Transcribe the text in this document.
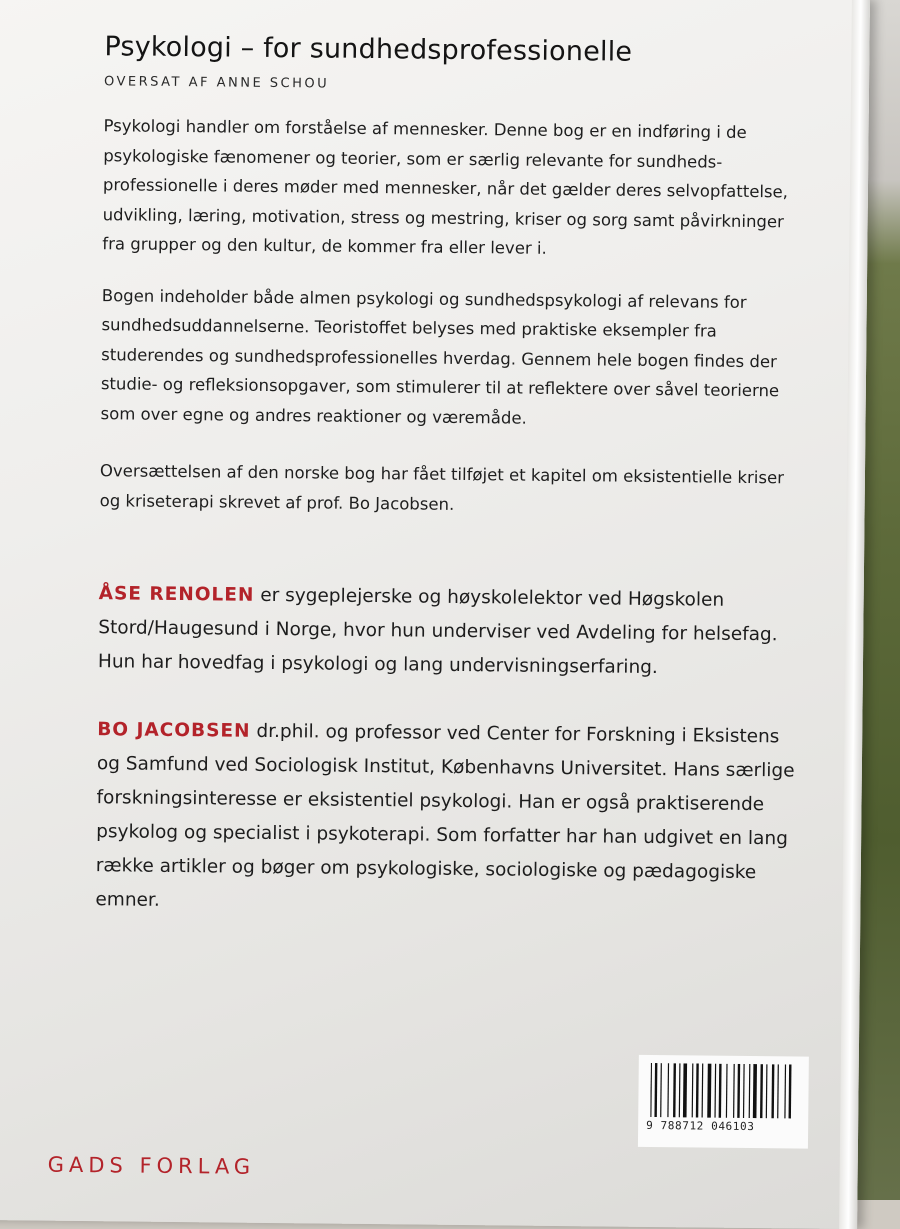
Psykologi – for sundhedsprofessionelle
OVERSAT AF ANNE SCHOU

Psykologi handler om forståelse af mennesker. Denne bog er en indføring i de psykologiske fænomener og teorier, som er særlig relevante for sundheds-professionelle i deres møder med mennesker, når det gælder deres selvopfattelse, udvikling, læring, motivation, stress og mestring, kriser og sorg samt påvirkninger fra grupper og den kultur, de kommer fra eller lever i.

Bogen indeholder både almen psykologi og sundhedspsykologi af relevans for sundhedsuddannelserne. Teoristoffet belyses med praktiske eksempler fra studerendes og sundhedsprofessionelles hverdag. Gennem hele bogen findes der studie- og refleksionsopgaver, som stimulerer til at reflektere over såvel teorierne som over egne og andres reaktioner og væremåde.

Oversættelsen af den norske bog har fået tilføjet et kapitel om eksistentielle kriser og kriseterapi skrevet af prof. Bo Jacobsen.

ÅSE RENOLEN er sygeplejerske og høyskolelektor ved Høgskolen Stord/Haugesund i Norge, hvor hun underviser ved Avdeling for helsefag. Hun har hovedfag i psykologi og lang undervisningserfaring.

BO JACOBSEN dr.phil. og professor ved Center for Forskning i Eksistens og Samfund ved Sociologisk Institut, Københavns Universitet. Hans særlige forskningsinteresse er eksistentiel psykologi. Han er også praktiserende psykolog og specialist i psykoterapi. Som forfatter har han udgivet en lang række artikler og bøger om psykologiske, sociologiske og pædagogiske emner.

9 788712 046103
GADS FORLAG
